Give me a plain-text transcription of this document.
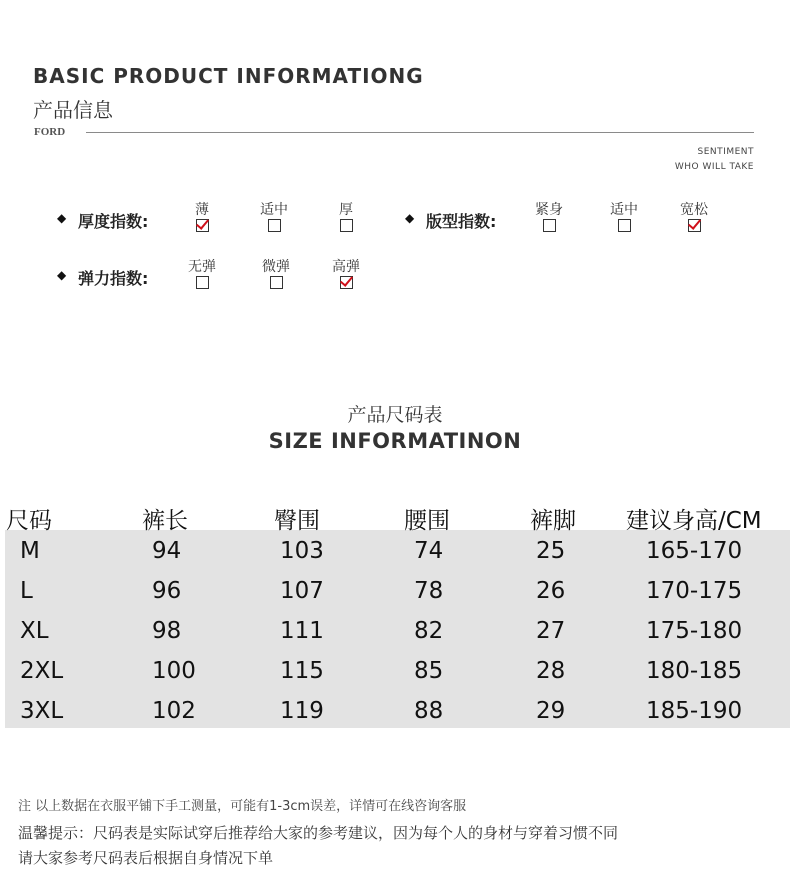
BASIC PRODUCT INFORMATIONG
产品信息
FORD
SENTIMENT
WHO WILL TAKE
◆ 厚度指数:
薄	适中	厚	◆ 版型指数:
紧身	适中	宽松
◆ 弹力指数:
无弹	微弹	高弹
产品尺码表
SIZE INFORMATINON
尺码	裤长	臀围	腰围	裤脚 建议身高/CM
M	94	103	74	25	165-170
L	96	107	78	26	170-175
XL	98	111	82	27	175-180
2XL	100	115	85	28	180-185
3XL	102	119	88	29	185-190
注 以上数据在衣服平铺下手工测量，可能有1-3cm误差，详情可在线咨询客服
温馨提示：尺码表是实际试穿后推荐给大家的参考建议，因为每个人的身材与穿着习惯不同
请大家参考尺码表后根据自身情况下单
